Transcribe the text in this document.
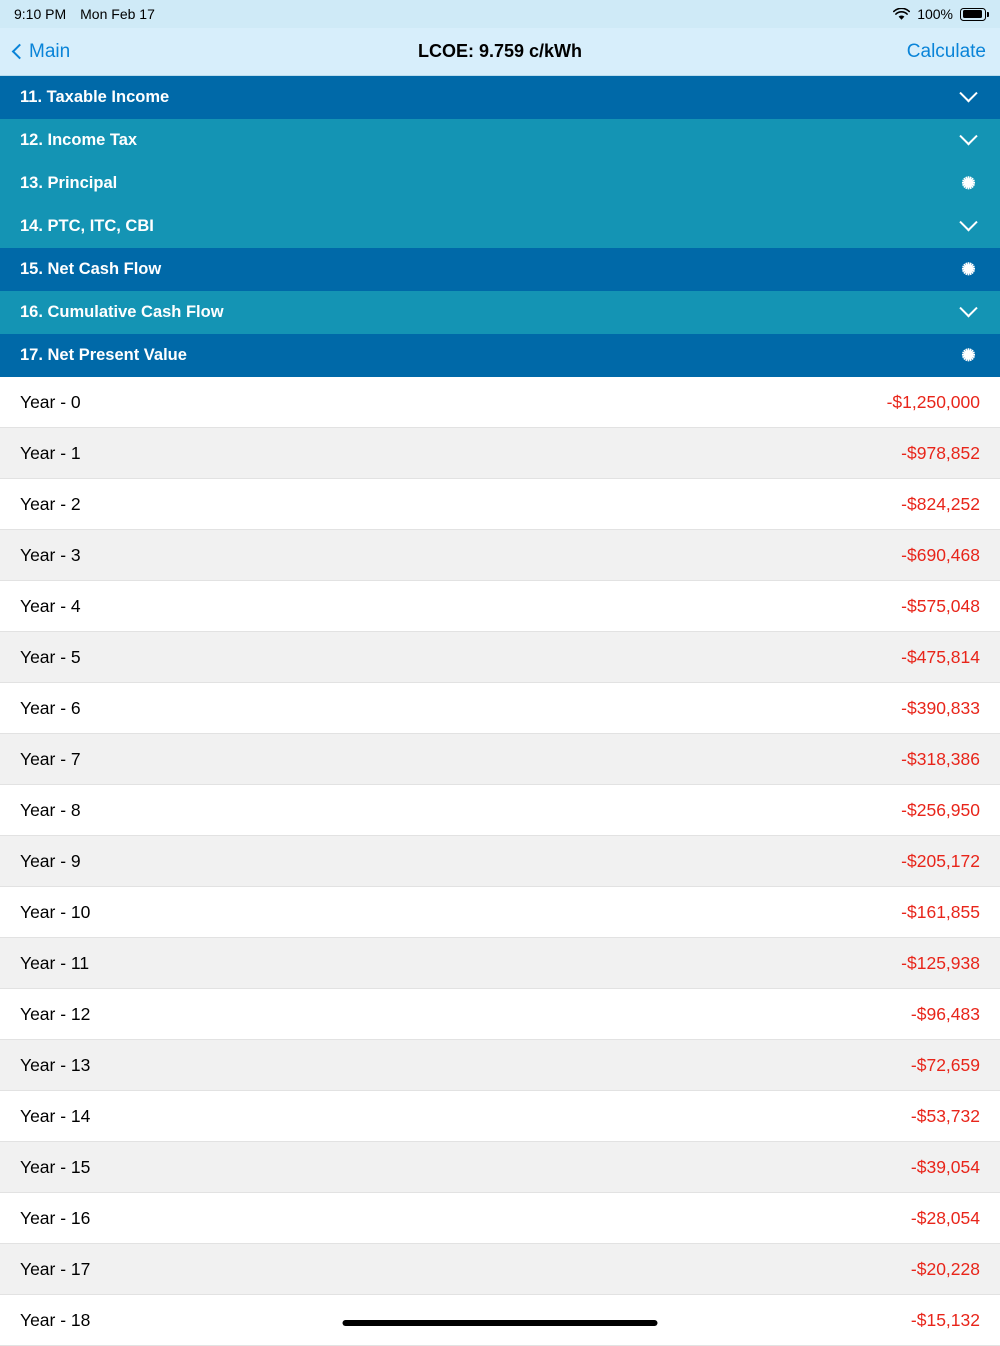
9:10 PM Mon Feb 17	100%
Main	LCOE: 9.759 c/kWh	Calculate
11. Taxable Income
12. Income Tax
13. Principal	✺
14. PTC, ITC, CBI
15. Net Cash Flow	✺
16. Cumulative Cash Flow
17. Net Present Value	✺
Year - 0	-$1,250,000
Year - 1	-$978,852
Year - 2	-$824,252
Year - 3	-$690,468
Year - 4	-$575,048
Year - 5	-$475,814
Year - 6	-$390,833
Year - 7	-$318,386
Year - 8	-$256,950
Year - 9	-$205,172
Year - 10	-$161,855
Year - 11	-$125,938
Year - 12	-$96,483
Year - 13	-$72,659
Year - 14	-$53,732
Year - 15	-$39,054
Year - 16	-$28,054
Year - 17	-$20,228
Year - 18	-$15,132
